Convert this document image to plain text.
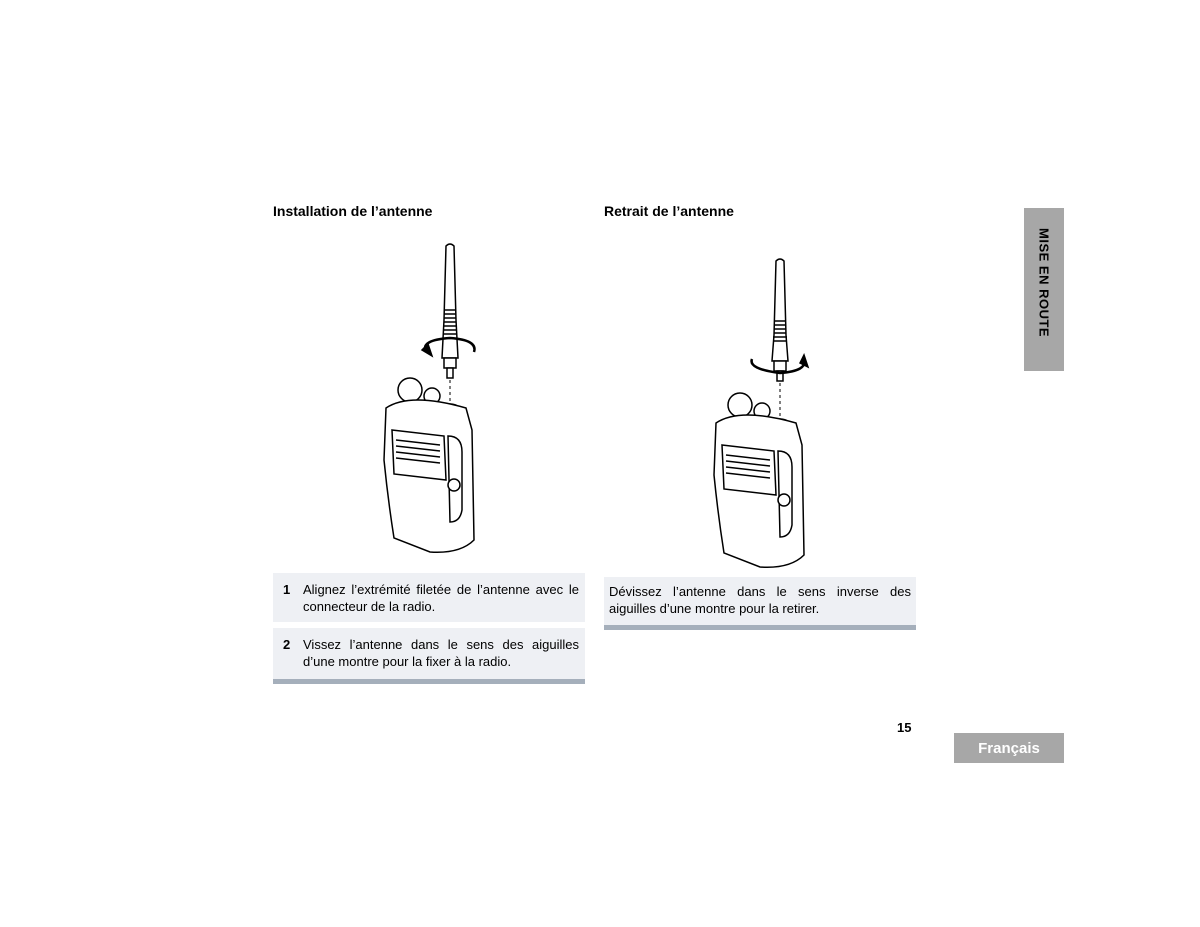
Installation de l’antenne	Retrait de l’antenne
1 Alignez l’extrémité filetée de l’antenne avec le connecteur de la radio.
2 Vissez l’antenne dans le sens des aiguilles d’une montre pour la fixer à la radio.
Dévissez l’antenne dans le sens inverse des aiguilles d’une montre pour la retirer.
MISE EN ROUTE
15
Français
